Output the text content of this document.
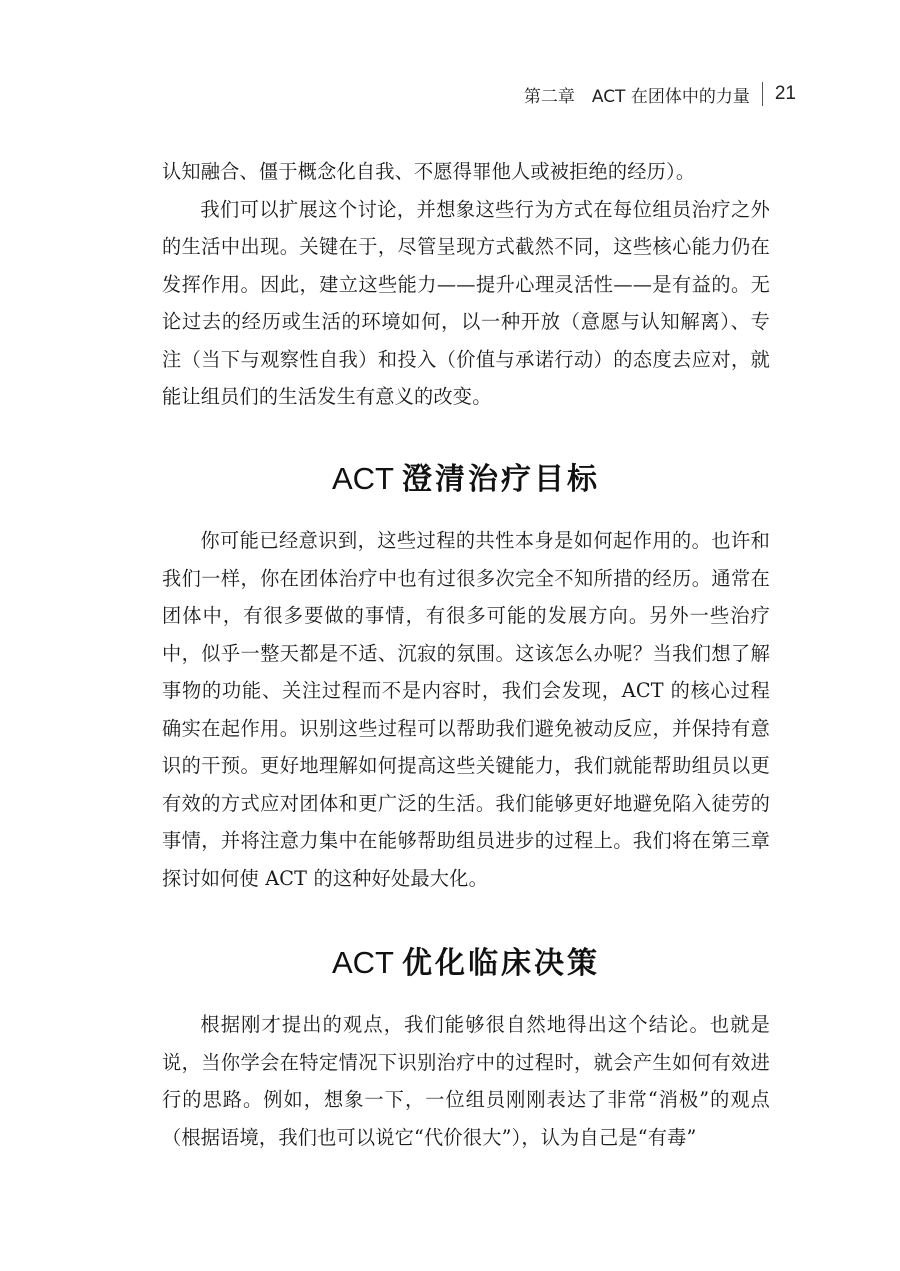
第二章　ACT 在团体中的力量 21

认知融合、僵于概念化自我、不愿得罪他人或被拒绝的经历）。

我们可以扩展这个讨论，并想象这些行为方式在每位组员治疗之外的生活中出现。关键在于，尽管呈现方式截然不同，这些核心能力仍在发挥作用。因此，建立这些能力——提升心理灵活性——是有益的。无论过去的经历或生活的环境如何，以一种开放（意愿与认知解离）、专注（当下与观察性自我）和投入（价值与承诺行动）的态度去应对，就能让组员们的生活发生有意义的改变。

ACT 澄清治疗目标

你可能已经意识到，这些过程的共性本身是如何起作用的。也许和我们一样，你在团体治疗中也有过很多次完全不知所措的经历。通常在团体中，有很多要做的事情，有很多可能的发展方向。另外一些治疗中，似乎一整天都是不适、沉寂的氛围。这该怎么办呢？当我们想了解事物的功能、关注过程而不是内容时，我们会发现，ACT 的核心过程确实在起作用。识别这些过程可以帮助我们避免被动反应，并保持有意识的干预。更好地理解如何提高这些关键能力，我们就能帮助组员以更有效的方式应对团体和更广泛的生活。我们能够更好地避免陷入徒劳的事情，并将注意力集中在能够帮助组员进步的过程上。我们将在第三章探讨如何使 ACT 的这种好处最大化。

ACT 优化临床决策

根据刚才提出的观点，我们能够很自然地得出这个结论。也就是说，当你学会在特定情况下识别治疗中的过程时，就会产生如何有效进行的思路。例如，想象一下，一位组员刚刚表达了非常“消极”的观点（根据语境，我们也可以说它“代价很大”），认为自己是“有毒”
